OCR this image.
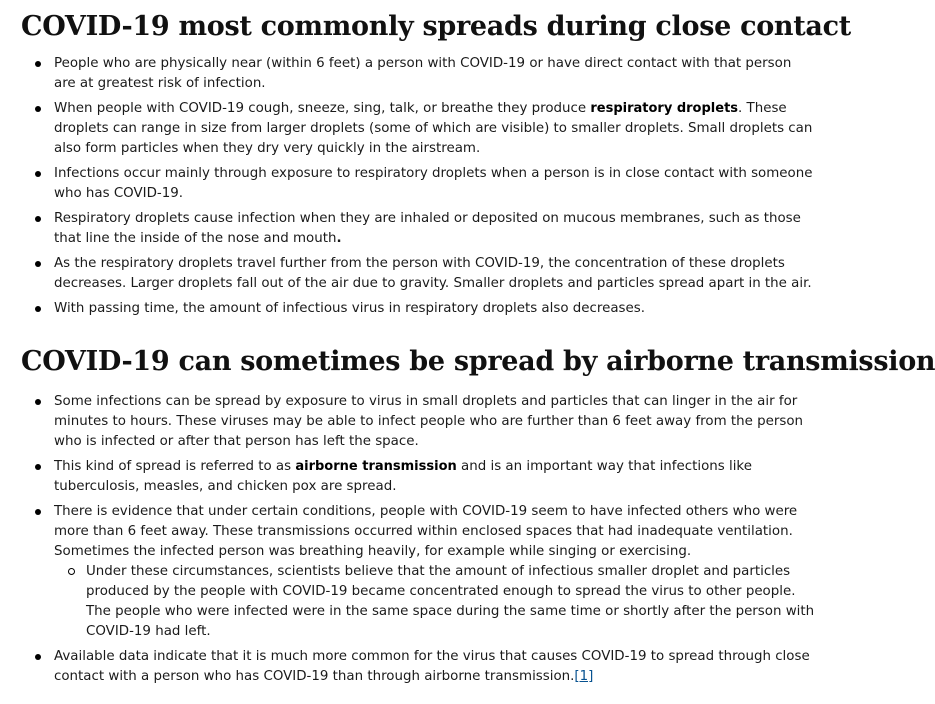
COVID-19 most commonly spreads during close contact
People who are physically near (within 6 feet) a person with COVID-19 or have direct contact with that person are at greatest risk of infection.
When people with COVID-19 cough, sneeze, sing, talk, or breathe they produce respiratory droplets. These droplets can range in size from larger droplets (some of which are visible) to smaller droplets. Small droplets can also form particles when they dry very quickly in the airstream.
Infections occur mainly through exposure to respiratory droplets when a person is in close contact with someone who has COVID-19.
Respiratory droplets cause infection when they are inhaled or deposited on mucous membranes, such as those that line the inside of the nose and mouth.
As the respiratory droplets travel further from the person with COVID-19, the concentration of these droplets decreases. Larger droplets fall out of the air due to gravity. Smaller droplets and particles spread apart in the air.
With passing time, the amount of infectious virus in respiratory droplets also decreases.
COVID-19 can sometimes be spread by airborne transmission
Some infections can be spread by exposure to virus in small droplets and particles that can linger in the air for minutes to hours. These viruses may be able to infect people who are further than 6 feet away from the person who is infected or after that person has left the space.
This kind of spread is referred to as airborne transmission and is an important way that infections like tuberculosis, measles, and chicken pox are spread.
There is evidence that under certain conditions, people with COVID-19 seem to have infected others who were more than 6 feet away. These transmissions occurred within enclosed spaces that had inadequate ventilation. Sometimes the infected person was breathing heavily, for example while singing or exercising.
Under these circumstances, scientists believe that the amount of infectious smaller droplet and particles produced by the people with COVID-19 became concentrated enough to spread the virus to other people. The people who were infected were in the same space during the same time or shortly after the person with COVID-19 had left.
Available data indicate that it is much more common for the virus that causes COVID-19 to spread through close contact with a person who has COVID-19 than through airborne transmission.[1]
